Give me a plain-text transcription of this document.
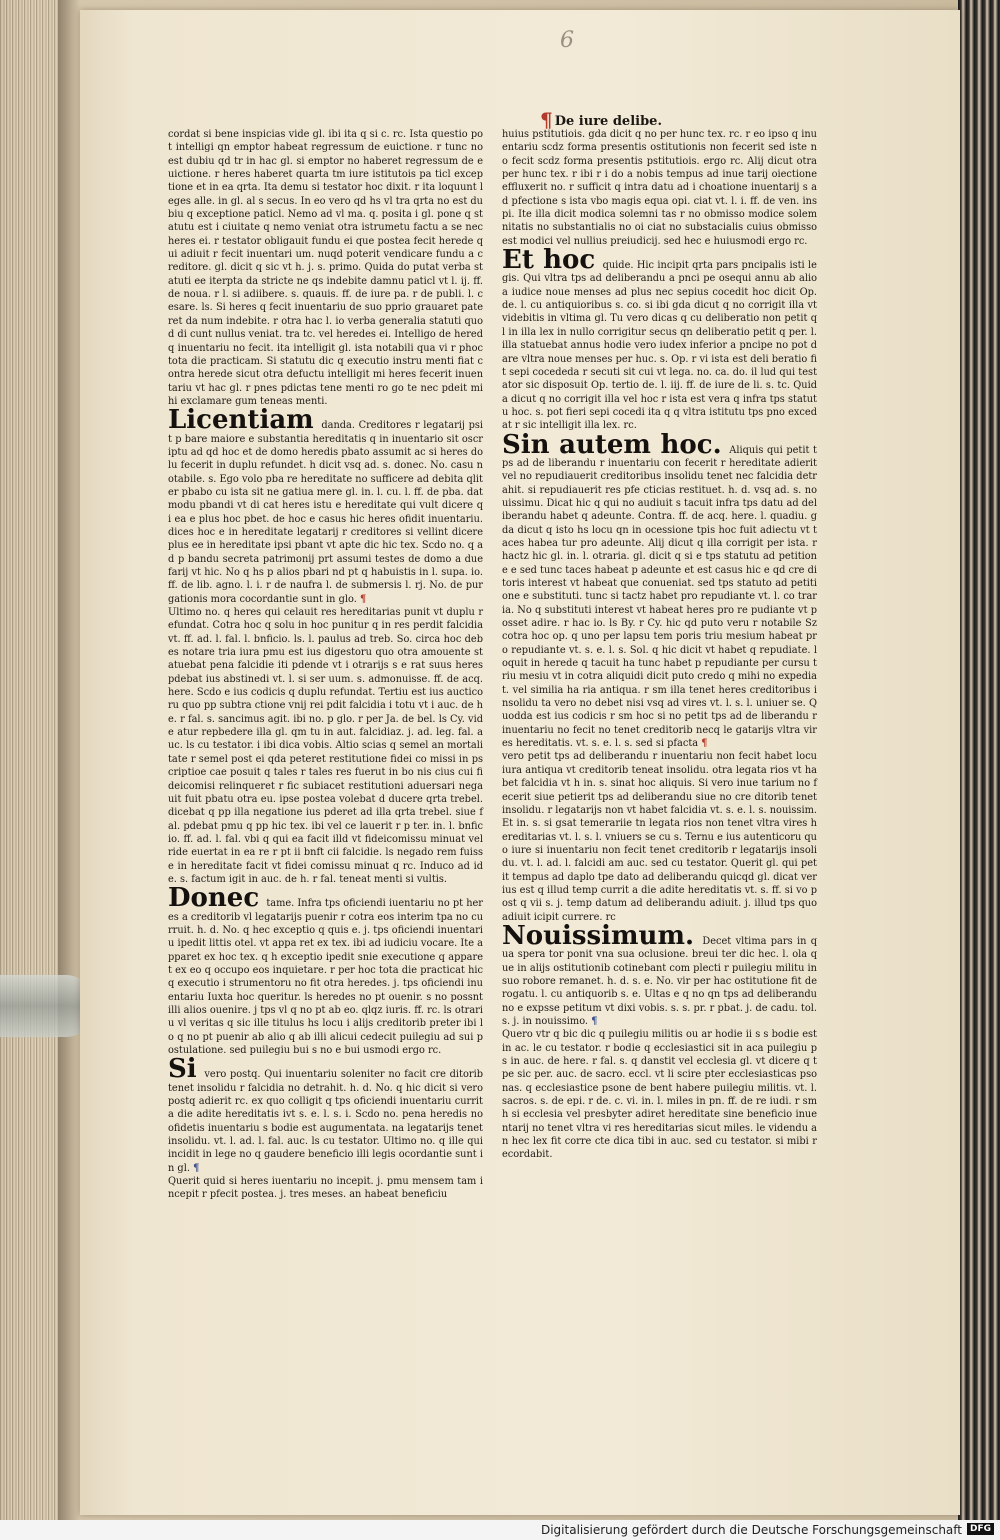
6
¶ De iure delibe.

cordat si bene inspicias vide gl. ibi ita q si c. rc. Ista questio pot intelligi qn emptor habeat regressum de euictione. r tunc no est dubiu qd tr in hac gl. si emptor no haberet regressum de euictione. r heres haberet quarta tm iure istitutois pa ticl exceptione et in ea qrta. Ita demu si testator hoc dixit. r ita loquunt leges alle. in gl. al s secus. In eo vero qd hs vl tra qrta no est dubiu q exceptione paticl. Nemo ad vl ma. q. posita i gl. pone q statutu est i ciuitate q nemo veniat otra istrumetu factu a se nec heres ei. r testator obligauit fundu ei que postea fecit herede qui adiuit r fecit inuentari um. nuqd poterit vendicare fundu a creditore. gl. dicit q sic vt h. j. s. primo. Quida do putat verba statuti ee iterpta da stricte ne qs indebite damnu paticl vt l. ij. ff. de noua. r l. si adiibere. s. quauis. ff. de iure pa. r de publi. l. cesare. ls. Si heres q fecit inuentariu de suo pprio grauaret pateret da num indebite. r otra hac l. io verba generalia statuti quod di cunt nullus veniat. tra tc. vel heredes ei. Intelligo de hered q inuentariu no fecit. ita intelligit gl. ista notabili qua vi r phoc tota die practicam. Si statutu dic q executio instru menti fiat contra herede sicut otra defuctu intelligit mi heres fecerit inuentariu vt hac gl. r pnes pdictas tene menti ro go te nec pdeit mihi exclamare gum teneas menti.

Licentiam danda. Creditores r legatarij psit p bare maiore e substantia hereditatis q in inuentario sit oscriptu ad qd hoc et de domo heredis pbato assumit ac si heres dolu fecerit in duplu refundet. h dicit vsq ad. s. donec. No. casu notabile. s. Ego volo pba re hereditate no sufficere ad debita qliter pbabo cu ista sit ne gatiua mere gl. in. l. cu. l. ff. de pba. dat modu pbandi vt di cat heres istu e hereditate qui vult dicere q i ea e plus hoc pbet. de hoc e casus hic heres ofidit inuentariu. dices hoc e in hereditate legatarij r creditores si vellint dicere plus ee in hereditate ipsi pbant vt apte dic hic tex. Scdo no. q ad p bandu secreta patrimonij prt assumi testes de domo a due farij vt hic. No q hs p alios pbari nd pt q habuistis in l. supa. io. ff. de lib. agno. l. i. r de naufra l. de submersis l. rj. No. de purgationis mora cocordantie sunt in glo. ¶

Ultimo no. q heres qui celauit res hereditarias punit vt duplu refundat. Cotra hoc q solu in hoc punitur q in res perdit falcidia vt. ff. ad. l. fal. l. bnficio. ls. l. paulus ad treb. So. circa hoc debes notare tria iura pmu est ius digestoru quo otra amouente statuebat pena falcidie iti pdende vt i otrarijs s e rat suus heres pdebat ius abstinedi vt. l. si ser uum. s. admonuisse. ff. de acq. here. Scdo e ius codicis q duplu refundat. Tertiu est ius aucticoru quo pp subtra ctione vnij rei pdit falcidia i totu vt i auc. de he. r fal. s. sancimus agit. ibi no. p glo. r per Ja. de bel. ls Cy. vide atur repbedere illa gl. qm tu in aut. falcidiaz. j. ad. leg. fal. auc. ls cu testator. i ibi dica vobis. Altio scias q semel an mortalitate r semel post ei qda peteret restitutione fidei co missi in pscriptioe cae posuit q tales r tales res fuerut in bo nis cius cui fideicomisi relinqueret r fic subiacet restitutioni aduersari negauit fuit pbatu otra eu. ipse postea volebat d ducere qrta trebel. dicebat q pp illa negatione ius pderet ad illa qrta trebel. siue fal. pdebat pmu q pp hic tex. ibi vel ce lauerit r p ter. in. l. bnficio. ff. ad. l. fal. vbi q qui ea facit illd vt fideicomissu minuat vel ride euertat in ea re r pt ii bnft cii falcidie. ls negado rem fuisse in hereditate facit vt fidei comissu minuat q rc. Induco ad ide. s. factum igit in auc. de h. r fal. teneat menti si vultis.

Donec tame. Infra tps oficiendi iuentariu no pt heres a creditorib vl legatarijs puenir r cotra eos interim tpa no curruit. h. d. No. q hec exceptio q quis e. j. tps oficiendi inuentariu ipedit littis otel. vt appa ret ex tex. ibi ad iudiciu vocare. Ite apparet ex hoc tex. q h exceptio ipedit snie executione q apparet ex eo q occupo eos inquietare. r per hoc tota die practicat hic q executio i strumentoru no fit otra heredes. j. tps oficiendi inuentariu Iuxta hoc queritur. ls heredes no pt ouenir. s no possnt illi alios ouenire. j tps vl q no pt ab eo. qlqz iuris. ff. rc. ls otrariu vl veritas q sic ille titulus hs locu i alijs creditorib preter ibi lo q no pt puenir ab alio q ab illi alicui cedecit puilegiu ad sui postulatione. sed puilegiu bui s no e bui usmodi ergo rc.

Si vero postq. Qui inuentariu soleniter no facit cre ditorib tenet insolidu r falcidia no detrahit. h. d. No. q hic dicit si vero postq adierit rc. ex quo colligit q tps oficiendi inuentariu currita die adite hereditatis ivt s. e. l. s. i. Scdo no. pena heredis no ofidetis inuentariu s bodie est augumentata. na legatarijs tenet insolidu. vt. l. ad. l. fal. auc. ls cu testator. Ultimo no. q ille qui incidit in lege no q gaudere beneficio illi legis ocordantie sunt in gl. ¶

Querit quid si heres iuentariu no incepit. j. pmu mensem tam incepit r pfecit postea. j. tres meses. an habeat beneficiu

huius pstitutiois. gda dicit q no per hunc tex. rc. r eo ipso q inuentariu scdz forma presentis ostitutionis non fecerit sed iste no fecit scdz forma presentis pstitutiois. ergo rc. Alij dicut otra per hunc tex. r ibi r i do a nobis tempus ad inue tarij oiectione effluxerit no. r sufficit q intra datu ad i choatione inuentarij s ad pfectione s ista vbo magis equa opi. ciat vt. l. i. ff. de ven. inspi. Ite illa dicit modica solemni tas r no obmisso modice solemnitatis no substantialis no oi ciat no substacialis cuius obmisso est modici vel nullius preiudicij. sed hec e huiusmodi ergo rc.

Et hoc quide. Hic incipit qrta pars pncipalis isti legis. Qui vltra tps ad deliberandu a pnci pe osequi annu ab alio a iudice noue menses ad plus nec sepius cocedit hoc dicit Op. de. l. cu antiquioribus s. co. si ibi gda dicut q no corrigit illa vt videbitis in vltima gl. Tu vero dicas q cu deliberatio non petit ql in illa lex in nullo corrigitur secus qn deliberatio petit q per. l. illa statuebat annus hodie vero iudex inferior a pncipe no pot dare vltra noue menses per huc. s. Op. r vi ista est deli beratio fit sepi cocededa r secuti sit cui vt lega. no. ca. do. il lud qui testator sic disposuit Op. tertio de. l. iij. ff. de iure de li. s. tc. Quida dicut q no corrigit illa vel hoc r ista est vera q infra tps statutu hoc. s. pot fieri sepi cocedi ita q q vltra istitutu tps pno excedat r sic intelligit illa lex. rc.

Sin autem hoc. Aliquis qui petit tps ad de liberandu r inuentariu con fecerit r hereditate adierit vel no repudiauerit creditoribus insolidu tenet nec falcidia detrahit. si repudiauerit res pfe cticias restituet. h. d. vsq ad. s. nouissimu. Dicat hic q qui no audiuit s tacuit infra tps datu ad deliberandu habet q adeunte. Contra. ff. de acq. here. l. quadiu. gda dicut q isto hs locu qn in ocessione tpis hoc fuit adiectu vt taces habea tur pro adeunte. Alij dicut q illa corrigit per ista. r hactz hic gl. in. l. otraria. gl. dicit q si e tps statutu ad petitione e sed tunc taces habeat p adeunte et est casus hic e qd cre ditoris interest vt habeat que conueniat. sed tps statuto ad petitione e substituti. tunc si tactz habet pro repudiante vt. l. co traria. No q substituti interest vt habeat heres pro re pudiante vt posset adire. r hac io. ls By. r Cy. hic qd puto veru r notabile Sz cotra hoc op. q uno per lapsu tem poris triu mesium habeat pro repudiante vt. s. e. l. s. Sol. q hic dicit vt habet q repudiate. loquit in herede q tacuit ha tunc habet p repudiante per cursu triu mesiu vt in cotra aliquidi dicit puto credo q mihi no expediat. vel similia ha ria antiqua. r sm illa tenet heres creditoribus insolidu ta vero no debet nisi vsq ad vires vt. l. s. l. uniuer se. Quodda est ius codicis r sm hoc si no petit tps ad de liberandu r inuentariu no fecit no tenet creditorib necq le gatarijs vltra vires hereditatis. vt. s. e. l. s. sed si pfacta ¶

vero petit tps ad deliberandu r inuentariu non fecit habet locu iura antiqua vt creditorib teneat insolidu. otra legata rios vt habet falcidia vt h in. s. sinat hoc aliquis. Si vero inue tarium no fecerit siue petierit tps ad deliberandu siue no cre ditorib tenet insolidu. r legatarijs non vt habet falcidia vt. s. e. l. s. nouissim. Et in. s. si gsat temerariie tn legata rios non tenet vltra vires hereditarias vt. l. s. l. vniuers se cu s. Ternu e ius autenticoru quo iure si inuentariu non fecit tenet creditorib r legatarijs insolidu. vt. l. ad. l. falcidi am auc. sed cu testator. Querit gl. qui petit tempus ad daplo tpe dato ad deliberandu quicqd gl. dicat verius est q illud temp currit a die adite hereditatis vt. s. ff. si vo post q vii s. j. temp datum ad deliberandu adiuit. j. illud tps quo adiuit icipit currere. rc

Nouissimum. Decet vltima pars in qua spera tor ponit vna sua oclusione. breui ter dic hec. l. ola que in alijs ostitutionib cotinebant com plecti r puilegiu militu in suo robore remanet. h. d. s. e. No. vir per hac ostitutione fit derogatu. l. cu antiquorib s. e. Ultas e q no qn tps ad deliberandu no e expsse petitum vt dixi vobis. s. s. pr. r pbat. j. de cadu. tol. s. j. in nouissimo. ¶

Quero vtr q bic dic q puilegiu militis ou ar hodie ii s s bodie est in ac. le cu testator. r bodie q ecclesiastici sit in aca puilegiu ps in auc. de here. r fal. s. q danstit vel ecclesia gl. vt dicere q tpe sic per. auc. de sacro. eccl. vt li scire pter ecclesiasticas psonas. q ecclesiastice psone de bent habere puilegiu militis. vt. l. sacros. s. de epi. r de. c. vi. in. l. miles in pn. ff. de re iudi. r sm h si ecclesia vel presbyter adiret hereditate sine beneficio inuentarij no tenet vltra vi res hereditarias sicut miles. le videndu an hec lex fit corre cte dica tibi in auc. sed cu testator. si mibi recordabit.

Digitalisierung gefördert durch die Deutsche Forschungsgemeinschaft DFG
